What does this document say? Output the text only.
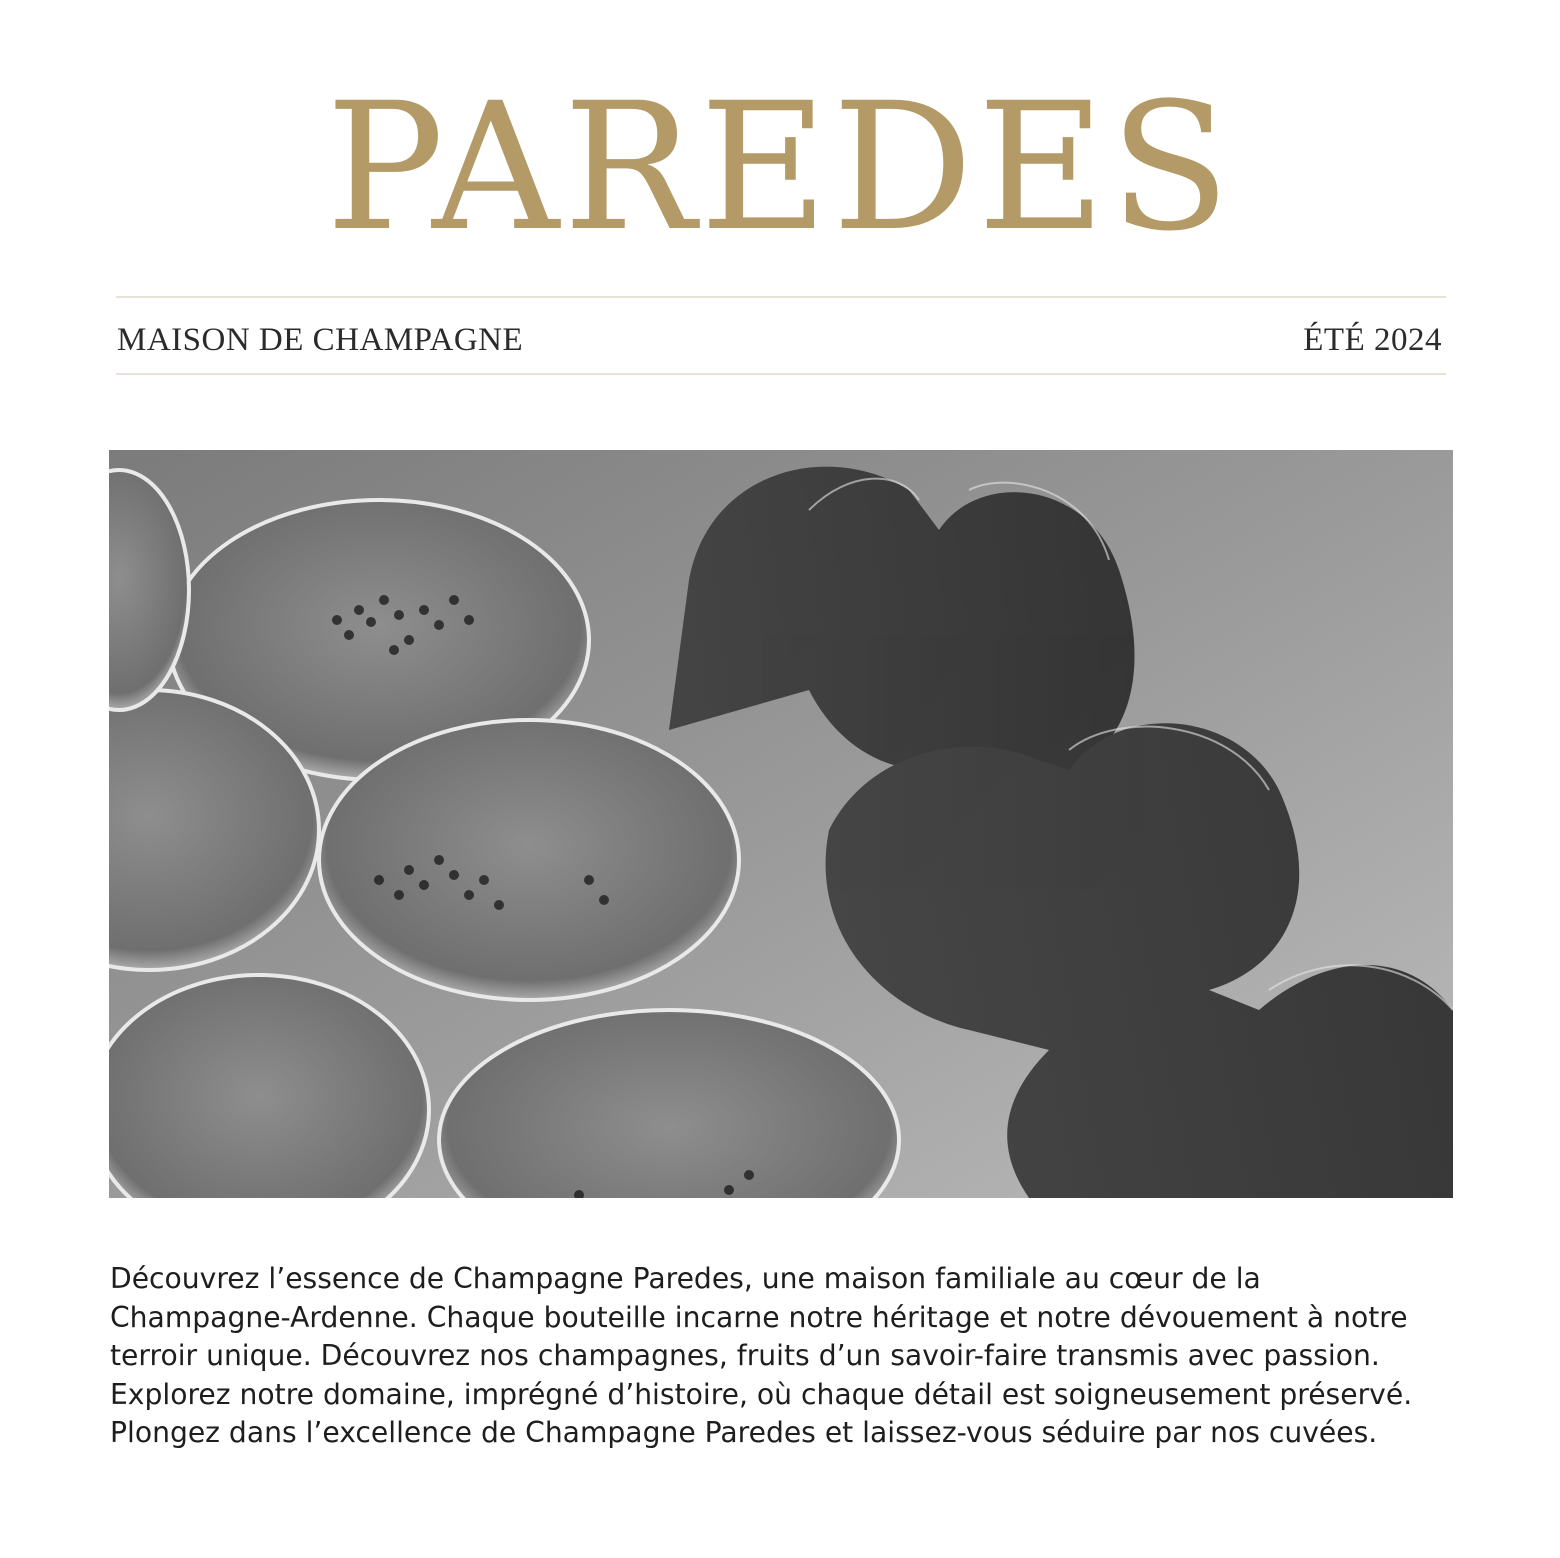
PAREDES
MAISON DE CHAMPAGNE	ÉTÉ 2024

Découvrez l’essence de Champagne Paredes, une maison familiale au cœur de la Champagne-Ardenne. Chaque bouteille incarne notre héritage et notre dévouement à notre terroir unique. Découvrez nos champagnes, fruits d’un savoir-faire transmis avec passion. Explorez notre domaine, imprégné d’histoire, où chaque détail est soigneusement préservé. Plongez dans l’excellence de Champagne Paredes et laissez-vous séduire par nos cuvées.
